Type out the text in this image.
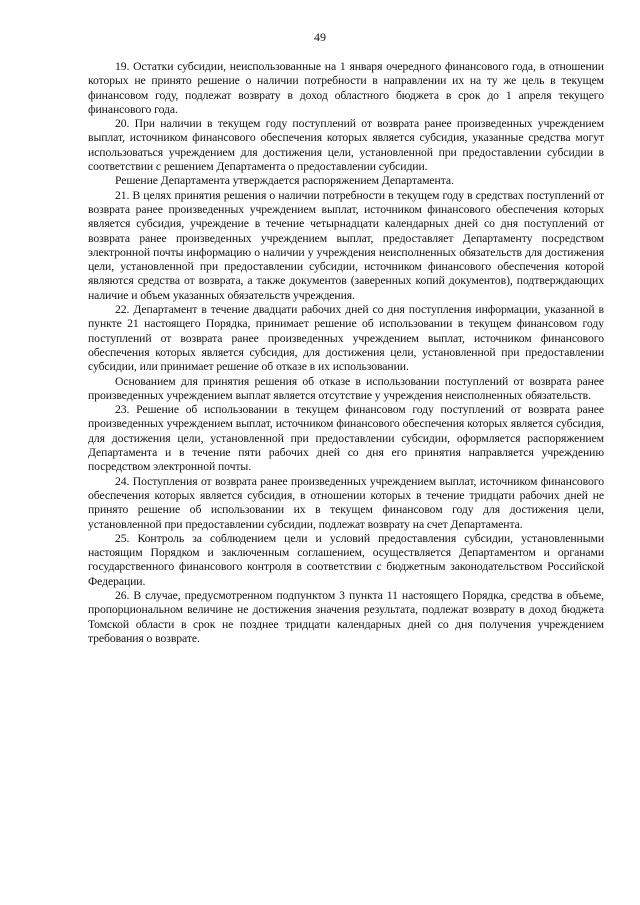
49

19. Остатки субсидии, неиспользованные на 1 января очередного финансового года, в отношении которых не принято решение о наличии потребности в направлении их на ту же цель в текущем финансовом году, подлежат возврату в доход областного бюджета в срок до 1 апреля текущего финансового года.

20. При наличии в текущем году поступлений от возврата ранее произведенных учреждением выплат, источником финансового обеспечения которых является субсидия, указанные средства могут использоваться учреждением для достижения цели, установленной при предоставлении субсидии в соответствии с решением Департамента о предоставлении субсидии.

Решение Департамента утверждается распоряжением Департамента.

21. В целях принятия решения о наличии потребности в текущем году в средствах поступлений от возврата ранее произведенных учреждением выплат, источником финансового обеспечения которых является субсидия, учреждение в течение четырнадцати календарных дней со дня поступлений от возврата ранее произведенных учреждением выплат, предоставляет Департаменту посредством электронной почты информацию о наличии у учреждения неисполненных обязательств для достижения цели, установленной при предоставлении субсидии, источником финансового обеспечения которой являются средства от возврата, а также документов (заверенных копий документов), подтверждающих наличие и объем указанных обязательств учреждения.

22. Департамент в течение двадцати рабочих дней со дня поступления информации, указанной в пункте 21 настоящего Порядка, принимает решение об использовании в текущем финансовом году поступлений от возврата ранее произведенных учреждением выплат, источником финансового обеспечения которых является субсидия, для достижения цели, установленной при предоставлении субсидии, или принимает решение об отказе в их использовании.

Основанием для принятия решения об отказе в использовании поступлений от возврата ранее произведенных учреждением выплат является отсутствие у учреждения неисполненных обязательств.

23. Решение об использовании в текущем финансовом году поступлений от возврата ранее произведенных учреждением выплат, источником финансового обеспечения которых является субсидия, для достижения цели, установленной при предоставлении субсидии, оформляется распоряжением Департамента и в течение пяти рабочих дней со дня его принятия направляется учреждению посредством электронной почты.

24. Поступления от возврата ранее произведенных учреждением выплат, источником финансового обеспечения которых является субсидия, в отношении которых в течение тридцати рабочих дней не принято решение об использовании их в текущем финансовом году для достижения цели, установленной при предоставлении субсидии, подлежат возврату на счет Департамента.

25. Контроль за соблюдением цели и условий предоставления субсидии, установленными настоящим Порядком и заключенным соглашением, осуществляется Департаментом и органами государственного финансового контроля в соответствии с бюджетным законодательством Российской Федерации.

26. В случае, предусмотренном подпунктом 3 пункта 11 настоящего Порядка, средства в объеме, пропорциональном величине не достижения значения результата, подлежат возврату в доход бюджета Томской области в срок не позднее тридцати календарных дней со дня получения учреждением требования о возврате.
